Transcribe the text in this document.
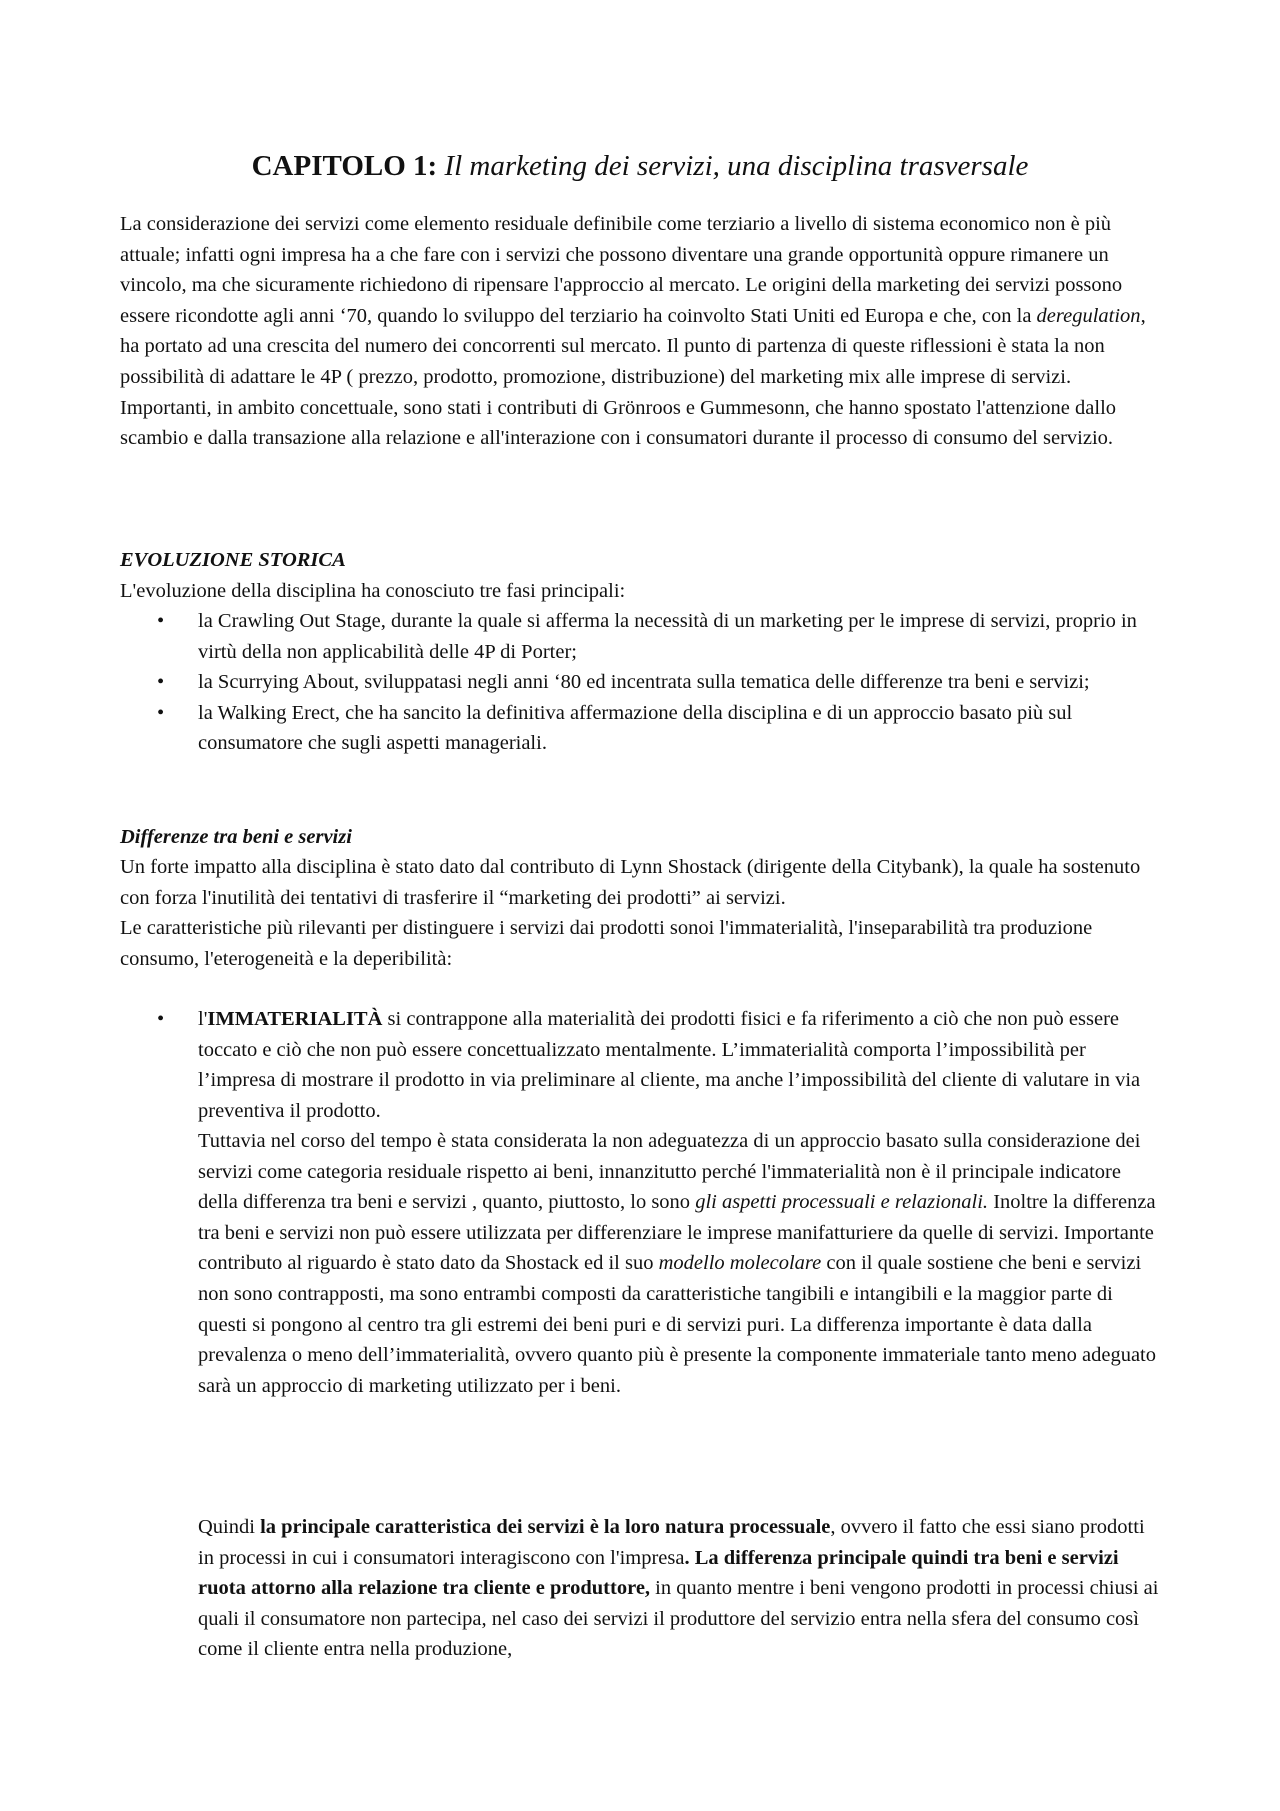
CAPITOLO 1: Il marketing dei servizi, una disciplina trasversale

La considerazione dei servizi come elemento residuale definibile come terziario a livello di sistema economico non è più attuale; infatti ogni impresa ha a che fare con i servizi che possono diventare una grande opportunità oppure rimanere un vincolo, ma che sicuramente richiedono di ripensare l'approccio al mercato. Le origini della marketing dei servizi possono essere ricondotte agli anni ‘70, quando lo sviluppo del terziario ha coinvolto Stati Uniti ed Europa e che, con la deregulation, ha portato ad una crescita del numero dei concorrenti sul mercato. Il punto di partenza di queste riflessioni è stata la non possibilità di adattare le 4P ( prezzo, prodotto, promozione, distribuzione) del marketing mix alle imprese di servizi. Importanti, in ambito concettuale, sono stati i contributi di Grönroos e Gummesonn, che hanno spostato l'attenzione dallo scambio e dalla transazione alla relazione e all'interazione con i consumatori durante il processo di consumo del servizio.

EVOLUZIONE STORICA

L'evoluzione della disciplina ha conosciuto tre fasi principali:

• la Crawling Out Stage, durante la quale si afferma la necessità di un marketing per le imprese di servizi, proprio in virtù della non applicabilità delle 4P di Porter;
• la Scurrying About, sviluppatasi negli anni ‘80 ed incentrata sulla tematica delle differenze tra beni e servizi;
• la Walking Erect, che ha sancito la definitiva affermazione della disciplina e di un approccio basato più sul consumatore che sugli aspetti manageriali.
Differenze tra beni e servizi
Un forte impatto alla disciplina è stato dato dal contributo di Lynn Shostack (dirigente della Citybank), la quale ha sostenuto con forza l'inutilità dei tentativi di trasferire il “marketing dei prodotti” ai servizi.
Le caratteristiche più rilevanti per distinguere i servizi dai prodotti sonoi l'immaterialità, l'inseparabilità tra produzione consumo, l'eterogeneità e la deperibilità:
• l'IMMATERIALITÀ si contrappone alla materialità dei prodotti fisici e fa riferimento a ciò che non può essere toccato e ciò che non può essere concettualizzato mentalmente. L’immaterialità comporta l’impossibilità per l’impresa di mostrare il prodotto in via preliminare al cliente, ma anche l’impossibilità del cliente di valutare in via preventiva il prodotto.

Tuttavia nel corso del tempo è stata considerata la non adeguatezza di un approccio basato sulla considerazione dei servizi come categoria residuale rispetto ai beni, innanzitutto perché l'immaterialità non è il principale indicatore della differenza tra beni e servizi , quanto, piuttosto, lo sono gli aspetti processuali e relazionali. Inoltre la differenza tra beni e servizi non può essere utilizzata per differenziare le imprese manifatturiere da quelle di servizi. Importante contributo al riguardo è stato dato da Shostack ed il suo modello molecolare con il quale sostiene che beni e servizi non sono contrapposti, ma sono entrambi composti da caratteristiche tangibili e intangibili e la maggior parte di questi si pongono al centro tra gli estremi dei beni puri e di servizi puri. La differenza importante è data dalla prevalenza o meno dell’immaterialità, ovvero quanto più è presente la componente immateriale tanto meno adeguato sarà un approccio di marketing utilizzato per i beni.

Quindi la principale caratteristica dei servizi è la loro natura processuale, ovvero il fatto che essi siano prodotti in processi in cui i consumatori interagiscono con l'impresa. La differenza principale quindi tra beni e servizi ruota attorno alla relazione tra cliente e produttore, in quanto mentre i beni vengono prodotti in processi chiusi ai quali il consumatore non partecipa, nel caso dei servizi il produttore del servizio entra nella sfera del consumo così come il cliente entra nella produzione,
